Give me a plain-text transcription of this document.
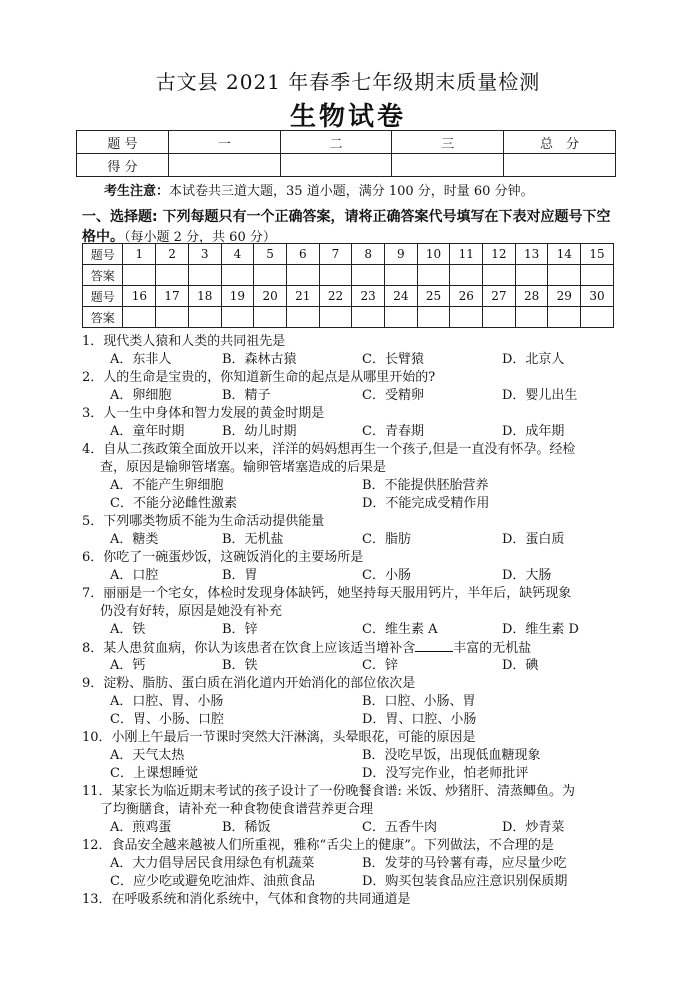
古文县 2021 年春季七年级期末质量检测
生物试卷
题 号	一	二	三	总　分
得 分				
考生注意：本试卷共三道大题，35 道小题，满分 100 分，时量 60 分钟。
一、选择题: 下列每题只有一个正确答案，请将正确答案代号填写在下表对应题号下空格中。（每小题 2 分，共 60 分）
题号	1	2	3	4	5	6	7	8	9	10	11	12	13	14	15
答案															
题号	16	17	18	19	20	21	22	23	24	25	26	27	28	29	30
答案															
1．现代类人猿和人类的共同祖先是
A．东非人	B．森林古猿	C．长臂猿	D．北京人
2．人的生命是宝贵的，你知道新生命的起点是从哪里开始的?
A．卵细胞	B．精子	C．受精卵	D．婴儿出生
3．人一生中身体和智力发展的黄金时期是
A．童年时期	B．幼儿时期	C．青春期	D．成年期
4．自从二孩政策全面放开以来，洋洋的妈妈想再生一个孩子,但是一直没有怀孕。经检
查，原因是输卵管堵塞。输卵管堵塞造成的后果是
A．不能产生卵细胞	B．不能提供胚胎营养
C．不能分泌雌性激素	D．不能完成受精作用
5．下列哪类物质不能为生命活动提供能量
A．糖类	B．无机盐	C．脂肪	D．蛋白质
6．你吃了一碗蛋炒饭，这碗饭消化的主要场所是
A．口腔	B．胃	C．小肠	D．大肠
7．丽丽是一个宅女，体检时发现身体缺钙，她坚持每天服用钙片，半年后，缺钙现象
仍没有好转，原因是她没有补充
A．铁	B．锌	C．维生素 A	D．维生素 D
8．某人患贫血病，你认为该患者在饮食上应该适当增补含	丰富的无机盐
A．钙	B．铁	C．锌	D．碘
9．淀粉、脂肪、蛋白质在消化道内开始消化的部位依次是
A．口腔、胃、小肠	B．口腔、小肠、胃
C．胃、小肠、口腔	D．胃、口腔、小肠
10．小刚上午最后一节课时突然大汗淋漓，头晕眼花，可能的原因是
A．天气太热	B．没吃早饭，出现低血糖现象
C．上课想睡觉	D．没写完作业，怕老师批评
11．某家长为临近期末考试的孩子设计了一份晚餐食谱: 米饭、炒猪肝、清蒸鲫鱼。为
了均衡膳食，请补充一种食物使食谱营养更合理
A．煎鸡蛋	B．稀饭	C．五香牛肉	D．炒青菜
12．食品安全越来越被人们所重视，雅称“舌尖上的健康”。下列做法，不合理的是
A．大力倡导居民食用绿色有机蔬菜	B．发芽的马铃薯有毒，应尽量少吃
C．应少吃或避免吃油炸、油煎食品	D．购买包装食品应注意识别保质期
13．在呼吸系统和消化系统中，气体和食物的共同通道是
